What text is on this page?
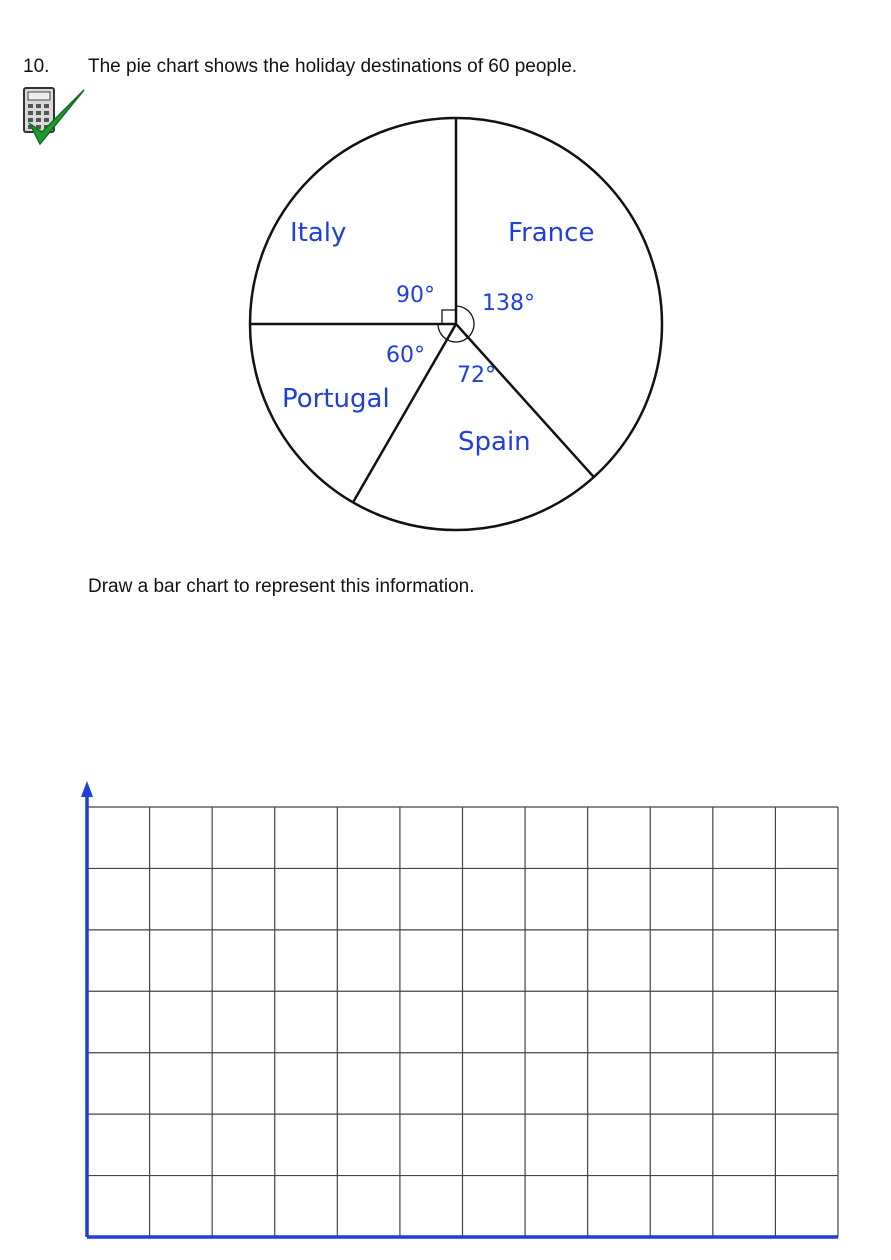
10. The pie chart shows the holiday destinations of 60 people.
France
138°
Spain
72°
Portugal
60°
Italy
90°
Draw a bar chart to represent this information.
